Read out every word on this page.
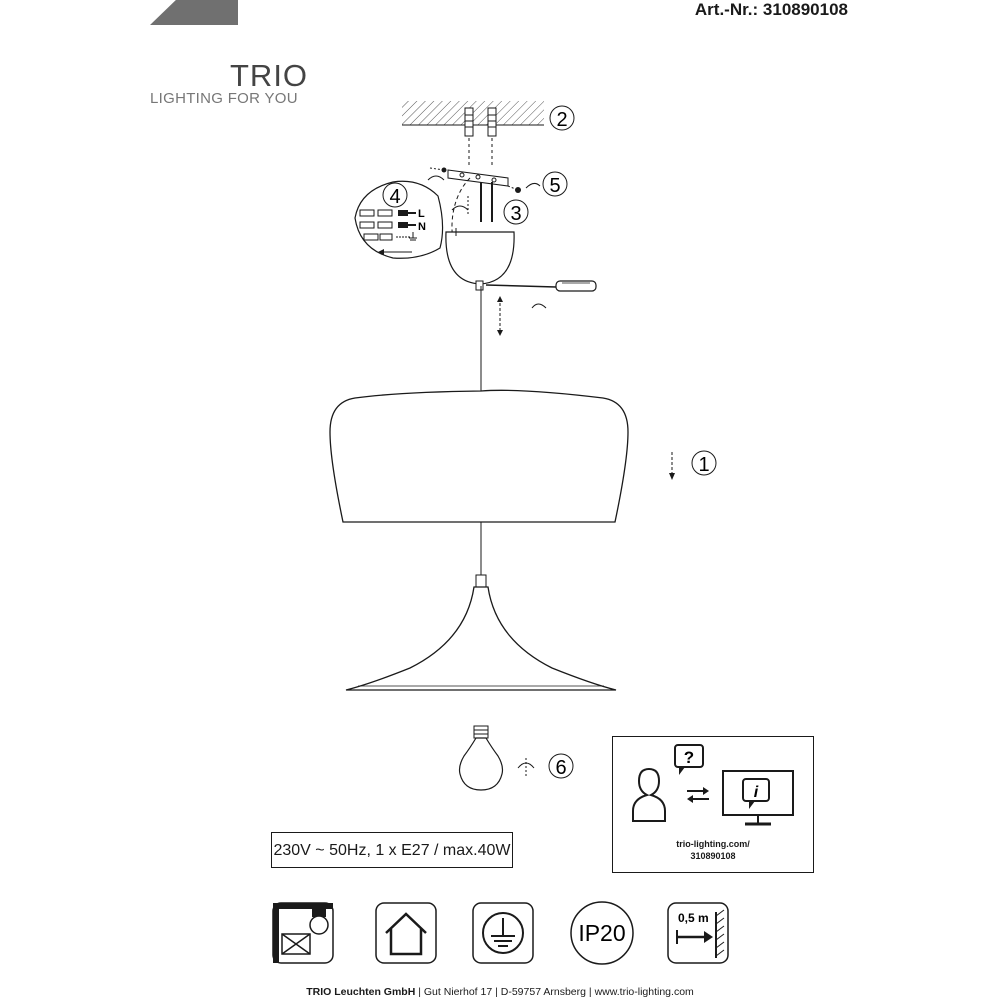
Art.-Nr.: 310890108
TRIO
LIGHTING FOR YOU
L
N
1
2
3
4	5
6
230V ~ 50Hz, 1 x E27 / max.40W
?
i
trio-lighting.com/
310890108
IP20
0,5 m
TRIO Leuchten GmbH | Gut Nierhof 17 | D-59757 Arnsberg | www.trio-lighting.com
